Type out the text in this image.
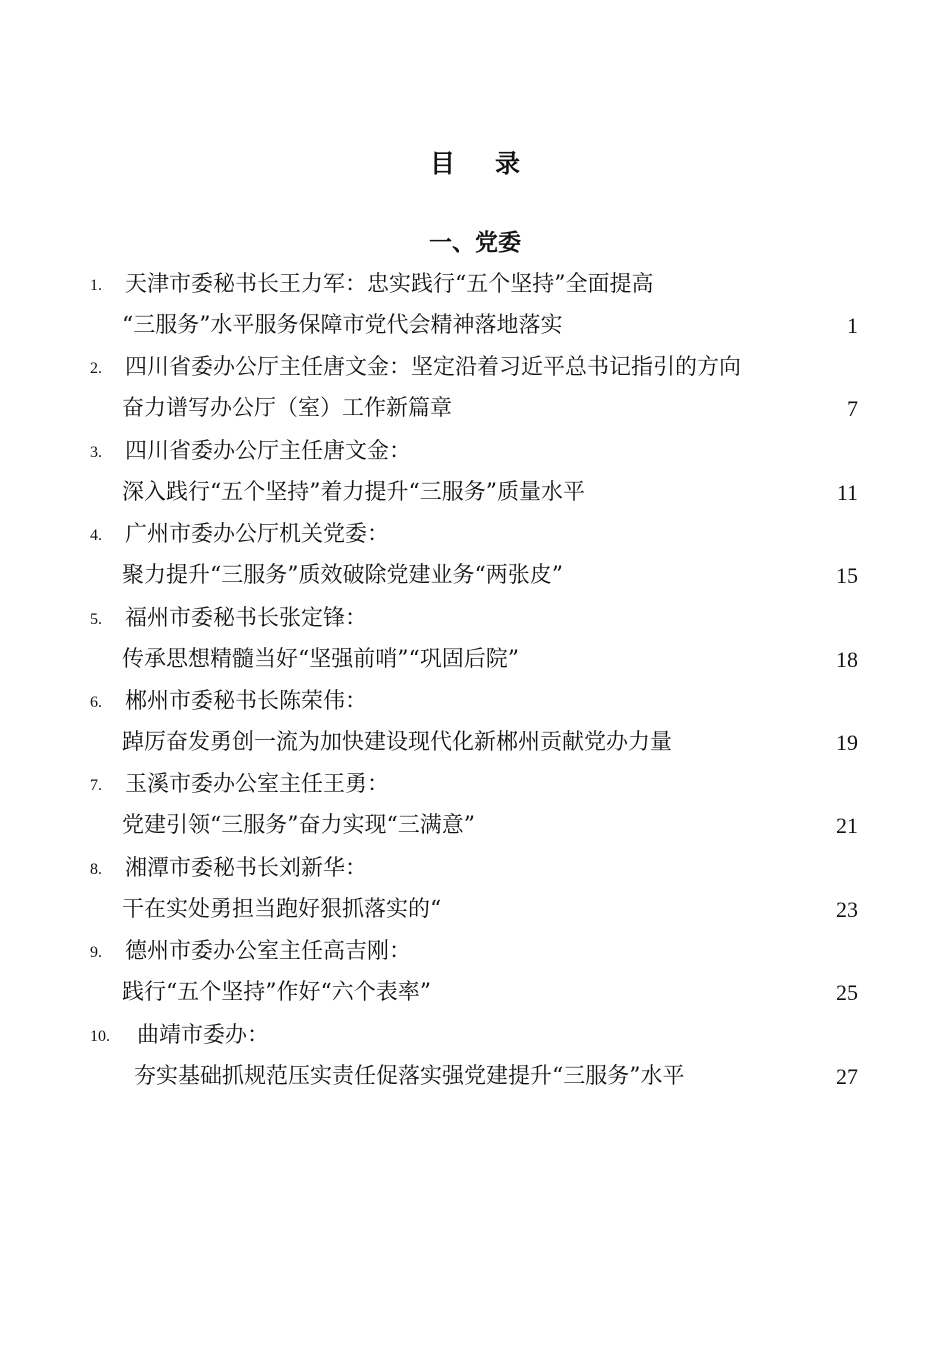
目 录
一、党委
1. 天津市委秘书长王力军：忠实践行“五个坚持”全面提高
“三服务”水平服务保障市党代会精神落地落实	1
2. 四川省委办公厅主任唐文金：坚定沿着习近平总书记指引的方向
奋力谱写办公厅（室）工作新篇章	7
3. 四川省委办公厅主任唐文金：
深入践行“五个坚持”着力提升“三服务”质量水平	11
4. 广州市委办公厅机关党委：
聚力提升“三服务”质效破除党建业务“两张皮”	15
5. 福州市委秘书长张定锋：
传承思想精髓当好“坚强前哨”“巩固后院”	18
6. 郴州市委秘书长陈荣伟：
踔厉奋发勇创一流为加快建设现代化新郴州贡献党办力量	19
7. 玉溪市委办公室主任王勇：
党建引领“三服务”奋力实现“三满意”	21
8. 湘潭市委秘书长刘新华：
干在实处勇担当跑好狠抓落实的“	23
9. 德州市委办公室主任高吉刚：
践行“五个坚持”作好“六个表率”	25
10. 曲靖市委办：
夯实基础抓规范压实责任促落实强党建提升“三服务”水平	27
